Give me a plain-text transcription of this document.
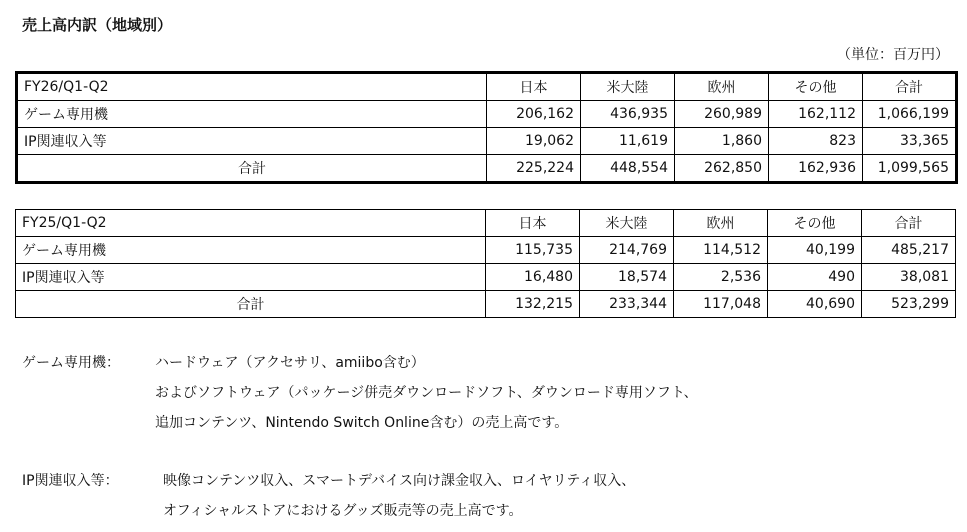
売上高内訳（地域別）
（単位：百万円）
FY26/Q1-Q2	日本	米大陸	欧州	その他	合計
ゲーム専用機	206,162	436,935	260,989	162,112	1,066,199
IP関連収入等	19,062	11,619	1,860	823	33,365
合計	225,224	448,554	262,850	162,936	1,099,565
FY25/Q1-Q2	日本	米大陸	欧州	その他	合計
ゲーム専用機	115,735	214,769	114,512	40,199	485,217
IP関連収入等	16,480	18,574	2,536	490	38,081
合計	132,215	233,344	117,048	40,690	523,299
ゲーム専用機：	ハードウェア（アクセサリ、amiibo含む）
およびソフトウェア（パッケージ併売ダウンロードソフト、ダウンロード専用ソフト、
追加コンテンツ、Nintendo Switch Online含む）の売上高です。
IP関連収入等：	映像コンテンツ収入、スマートデバイス向け課金収入、ロイヤリティ収入、
オフィシャルストアにおけるグッズ販売等の売上高です。
